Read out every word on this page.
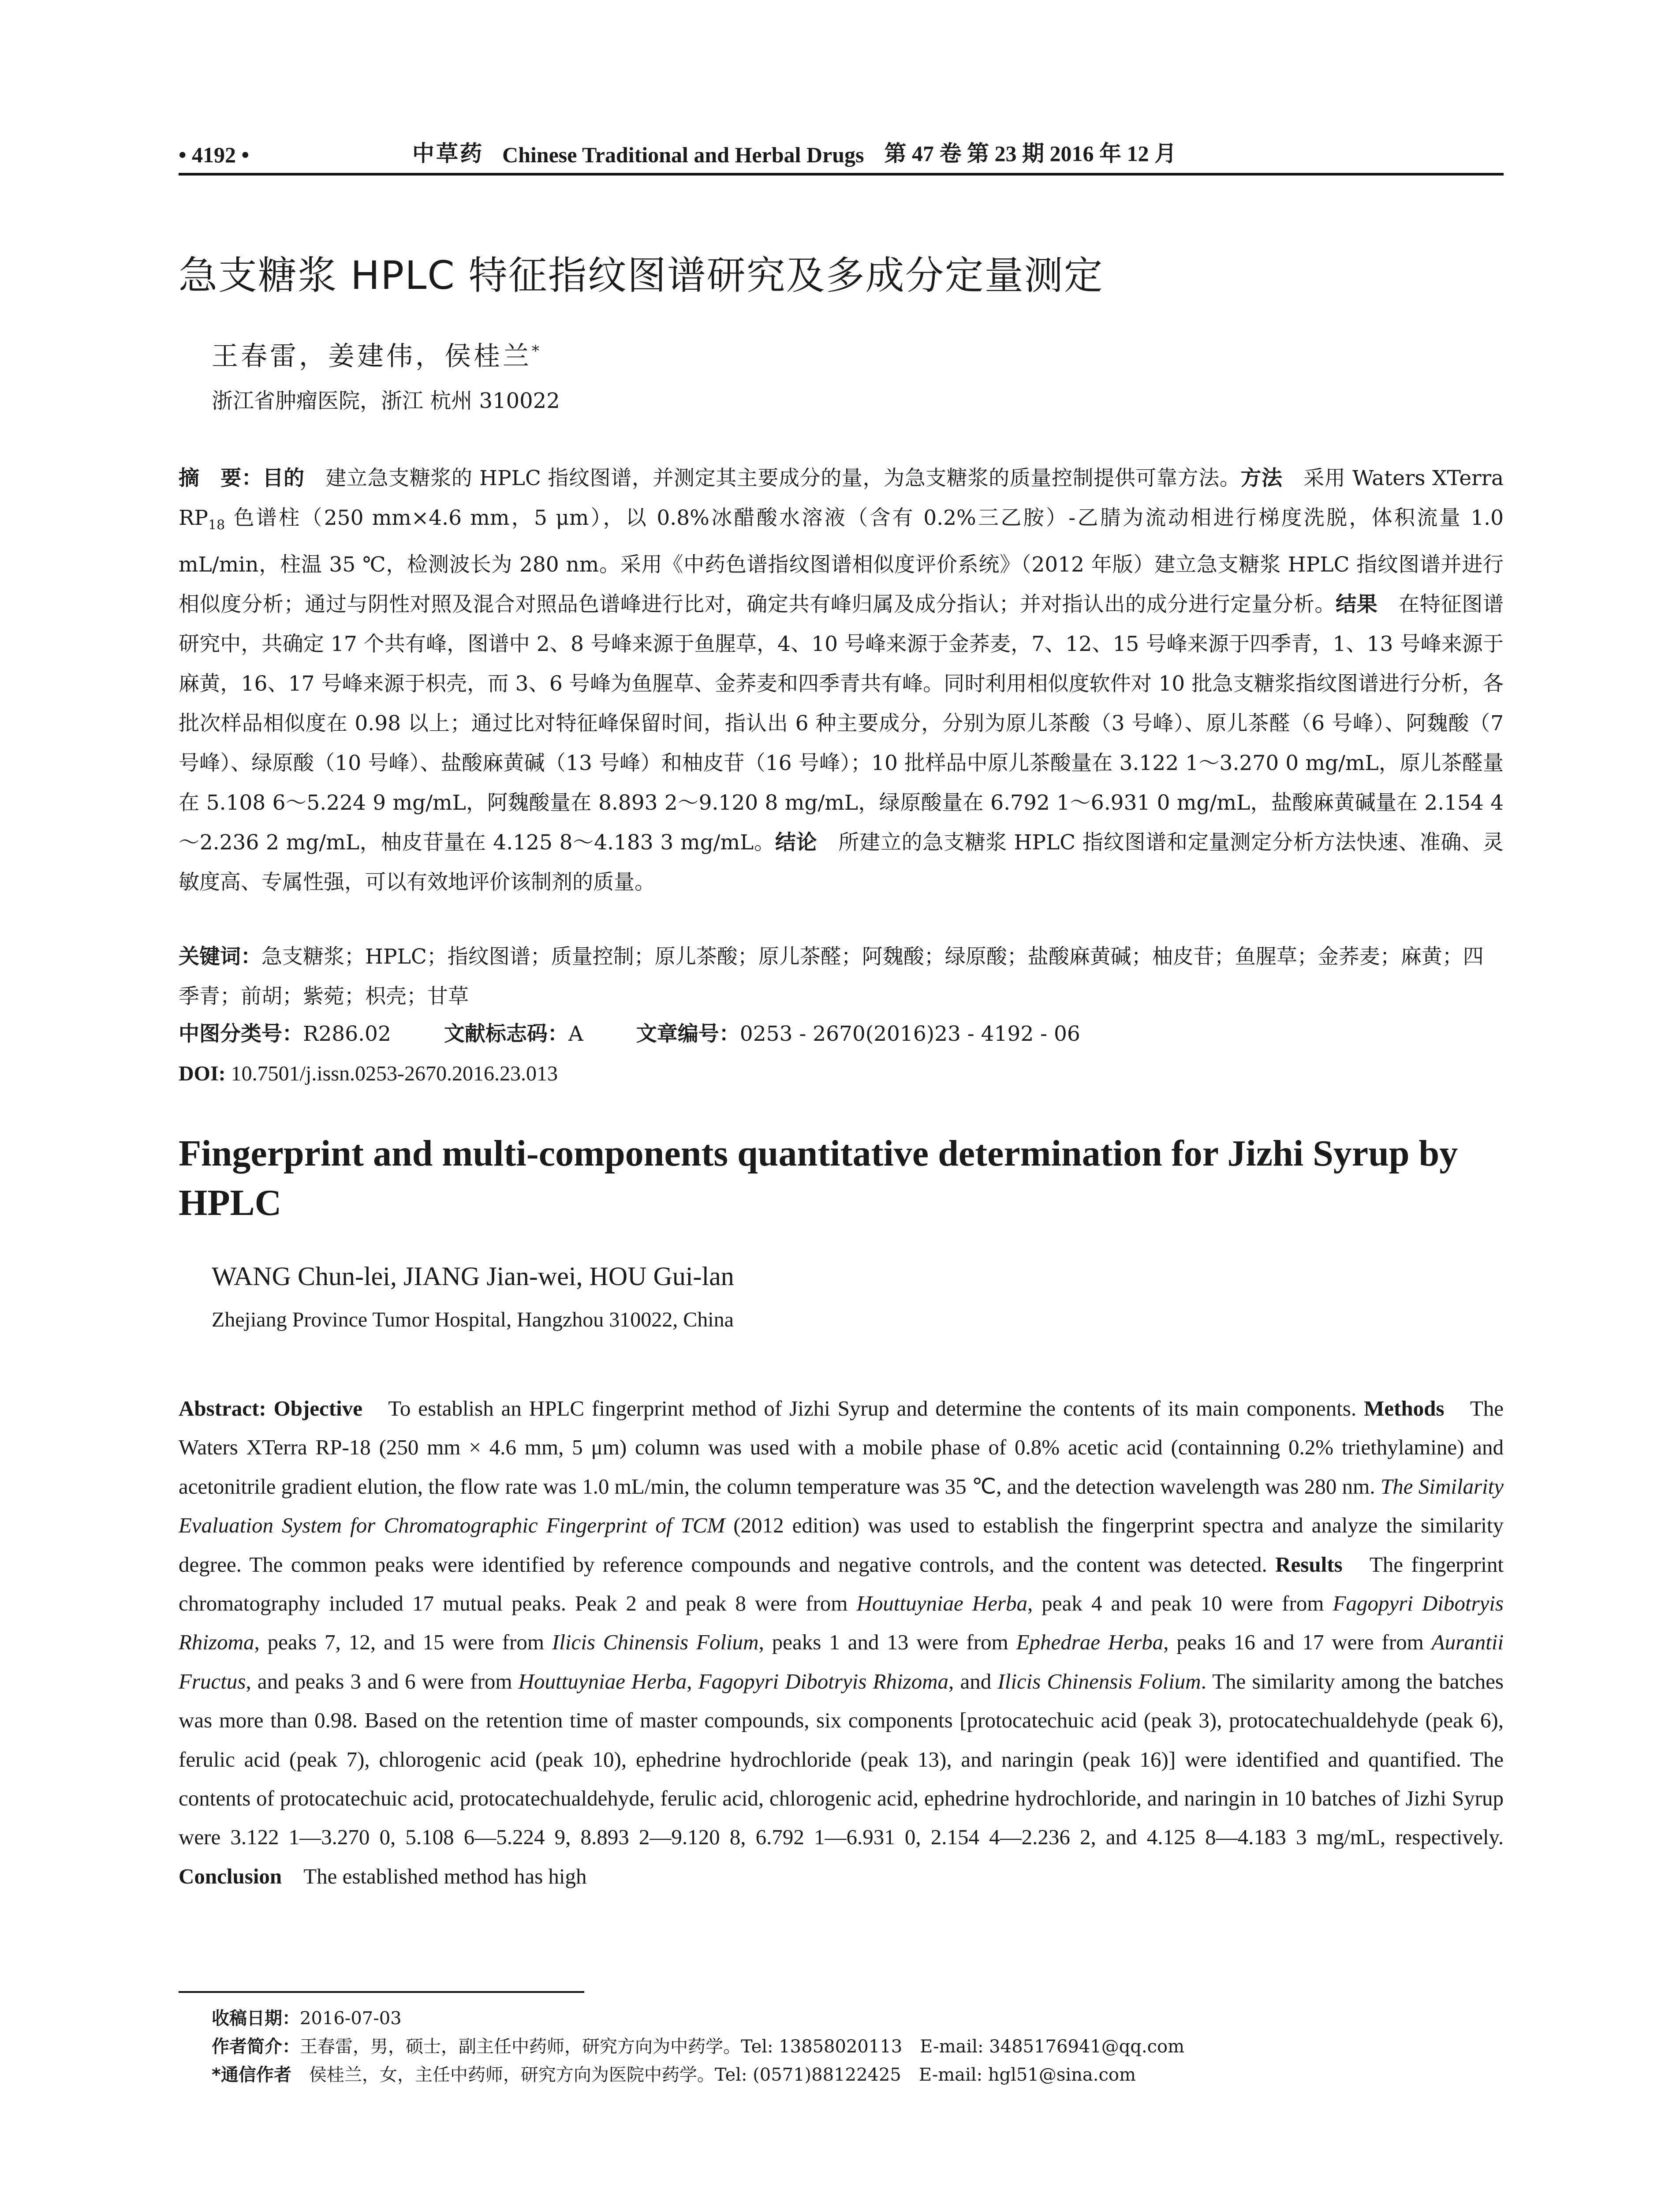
• 4192 •	中草药 Chinese Traditional and Herbal Drugs 第 47 卷 第 23 期 2016 年 12 月
急支糖浆 HPLC 特征指纹图谱研究及多成分定量测定
王春雷，姜建伟，侯桂兰*
浙江省肿瘤医院，浙江 杭州 310022
摘　要：目的　建立急支糖浆的 HPLC 指纹图谱，并测定其主要成分的量，为急支糖浆的质量控制提供可靠方法。方法　采用 Waters XTerra $RP_{18}$ 色谱柱（250 mm×4.6 mm，5 μm），以 0.8%冰醋酸水溶液（含有 0.2%三乙胺）-乙腈为流动相进行梯度洗脱，体积流量 1.0 mL/min，柱温 35 ℃，检测波长为 280 nm。采用《中药色谱指纹图谱相似度评价系统》（2012 年版）建立急支糖浆 HPLC 指纹图谱并进行相似度分析；通过与阴性对照及混合对照品色谱峰进行比对，确定共有峰归属及成分指认；并对指认出的成分进行定量分析。结果　在特征图谱研究中，共确定 17 个共有峰，图谱中 2、8 号峰来源于鱼腥草，4、10 号峰来源于金荞麦，7、12、15 号峰来源于四季青，1、13 号峰来源于麻黄，16、17 号峰来源于枳壳，而 3、6 号峰为鱼腥草、金荞麦和四季青共有峰。同时利用相似度软件对 10 批急支糖浆指纹图谱进行分析，各批次样品相似度在 0.98 以上；通过比对特征峰保留时间，指认出 6 种主要成分，分别为原儿茶酸（3 号峰）、原儿茶醛（6 号峰）、阿魏酸（7 号峰）、绿原酸（10 号峰）、盐酸麻黄碱（13 号峰）和柚皮苷（16 号峰）；10 批样品中原儿茶酸量在 3.122 1～3.270 0 mg/mL，原儿茶醛量在 5.108 6～5.224 9 mg/mL，阿魏酸量在 8.893 2～9.120 8 mg/mL，绿原酸量在 6.792 1～6.931 0 mg/mL，盐酸麻黄碱量在 2.154 4～2.236 2 mg/mL，柚皮苷量在 4.125 8～4.183 3 mg/mL。结论　所建立的急支糖浆 HPLC 指纹图谱和定量测定分析方法快速、准确、灵敏度高、专属性强，可以有效地评价该制剂的质量。
关键词：急支糖浆；HPLC；指纹图谱；质量控制；原儿茶酸；原儿茶醛；阿魏酸；绿原酸；盐酸麻黄碱；柚皮苷；鱼腥草；金荞麦；麻黄；四季青；前胡；紫菀；枳壳；甘草
中图分类号：R286.02	文献标志码：A	文章编号：0253 - 2670(2016)23 - 4192 - 06
DOI: 10.7501/j.issn.0253-2670.2016.23.013
Fingerprint and multi-components quantitative determination for Jizhi Syrup by HPLC
WANG Chun-lei, JIANG Jian-wei, HOU Gui-lan
Zhejiang Province Tumor Hospital, Hangzhou 310022, China
Abstract: Objective　To establish an HPLC fingerprint method of Jizhi Syrup and determine the contents of its main components. Methods　The Waters XTerra RP-18 (250 mm × 4.6 mm, 5 μm) column was used with a mobile phase of 0.8% acetic acid (containning 0.2% triethylamine) and acetonitrile gradient elution, the flow rate was 1.0 mL/min, the column temperature was 35 ℃, and the detection wavelength was 280 nm. The Similarity Evaluation System for Chromatographic Fingerprint of TCM (2012 edition) was used to establish the fingerprint spectra and analyze the similarity degree. The common peaks were identified by reference compounds and negative controls, and the content was detected. Results　The fingerprint chromatography included 17 mutual peaks. Peak 2 and peak 8 were from Houttuyniae Herba, peak 4 and peak 10 were from Fagopyri Dibotryis Rhizoma, peaks 7, 12, and 15 were from Ilicis Chinensis Folium, peaks 1 and 13 were from Ephedrae Herba, peaks 16 and 17 were from Aurantii Fructus, and peaks 3 and 6 were from Houttuyniae Herba, Fagopyri Dibotryis Rhizoma, and Ilicis Chinensis Folium. The similarity among the batches was more than 0.98. Based on the retention time of master compounds, six components [protocatechuic acid (peak 3), protocatechualdehyde (peak 6), ferulic acid (peak 7), chlorogenic acid (peak 10), ephedrine hydrochloride (peak 13), and naringin (peak 16)] were identified and quantified. The contents of protocatechuic acid, protocatechualdehyde, ferulic acid, chlorogenic acid, ephedrine hydrochloride, and naringin in 10 batches of Jizhi Syrup were 3.122 1—3.270 0, 5.108 6—5.224 9, 8.893 2—9.120 8, 6.792 1—6.931 0, 2.154 4—2.236 2, and 4.125 8—4.183 3 mg/mL, respectively. Conclusion　The established method has high
收稿日期：2016-07-03
作者简介：王春雷，男，硕士，副主任中药师，研究方向为中药学。Tel: 13858020113　E-mail: 3485176941@qq.com
*通信作者　侯桂兰，女，主任中药师，研究方向为医院中药学。Tel: (0571)88122425　E-mail: hgl51@sina.com
